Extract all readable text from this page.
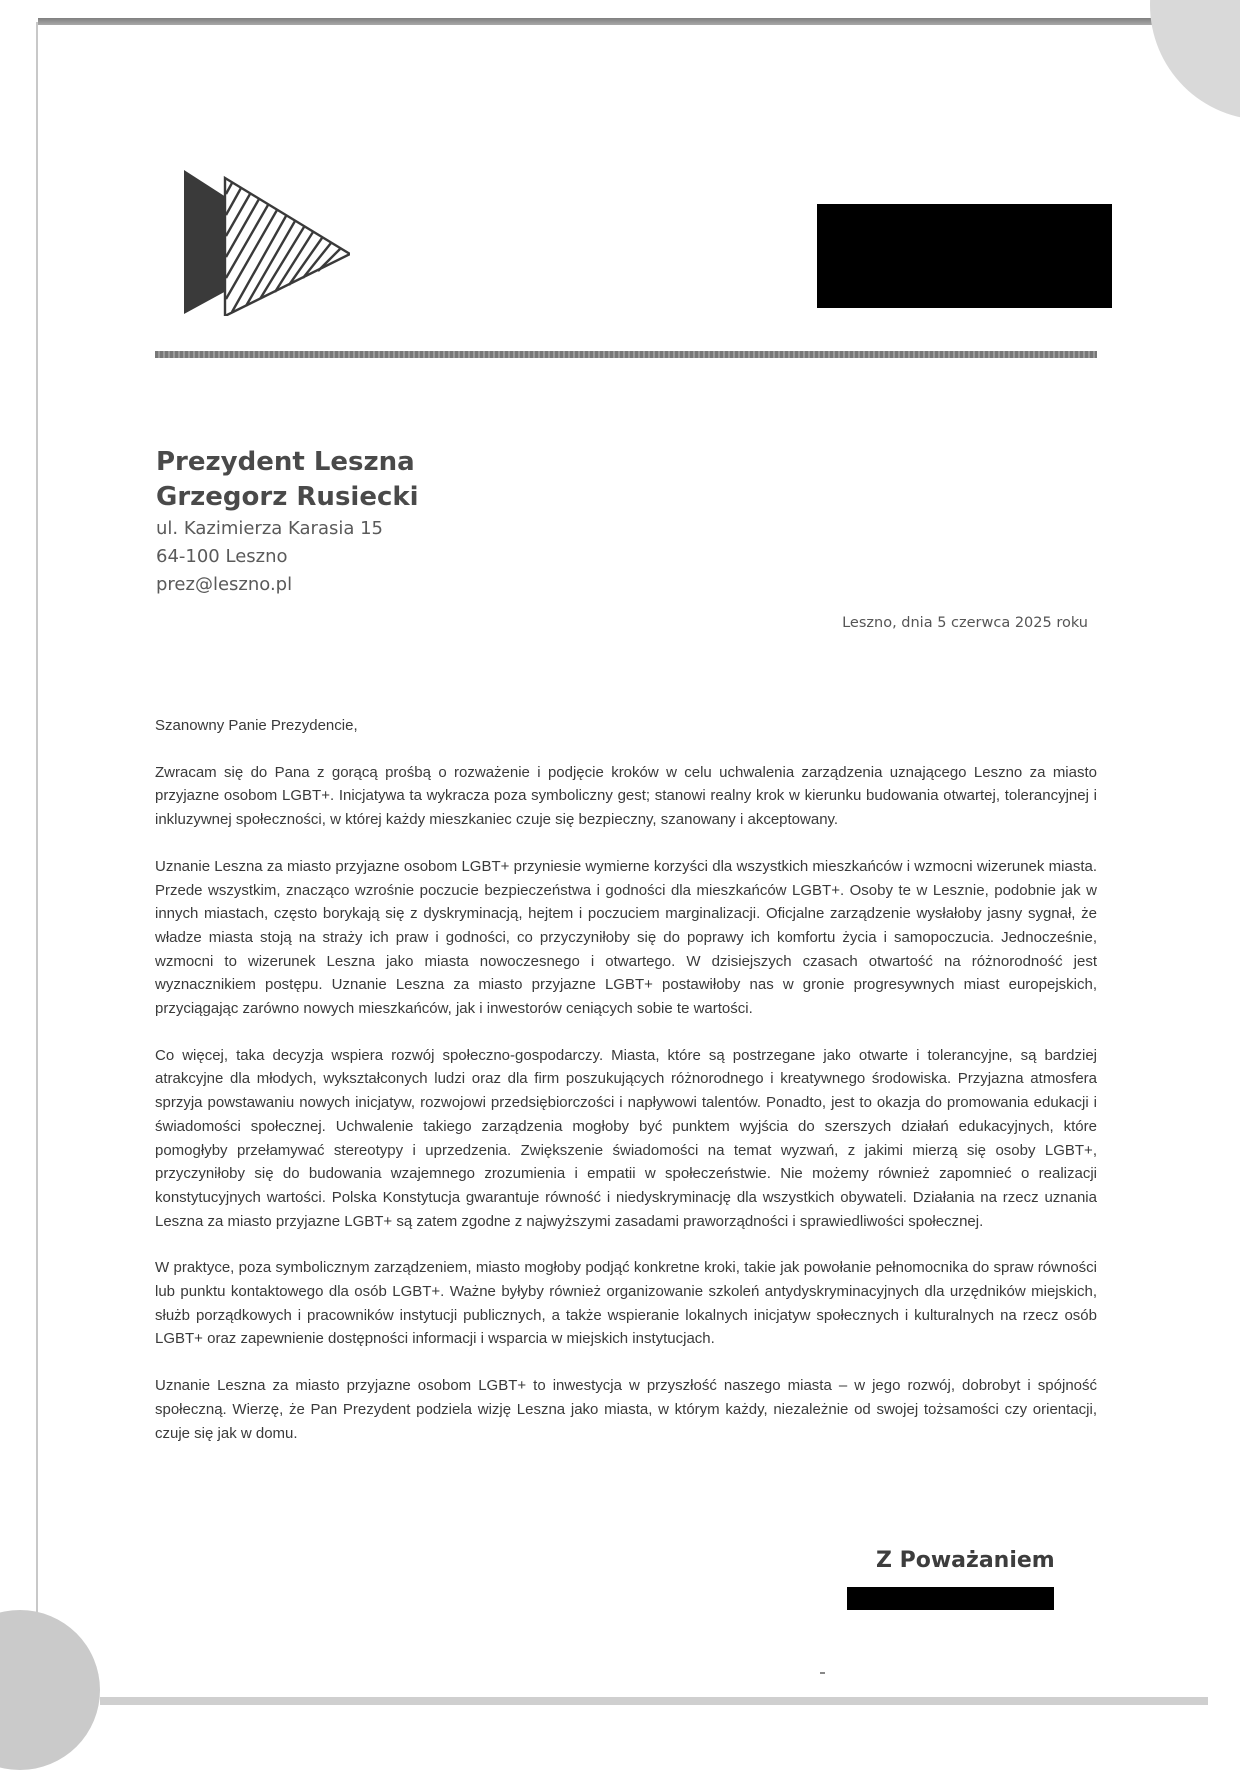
Prezydent Leszna

Grzegorz Rusiecki

ul. Kazimierza Karasia 15

64-100 Leszno

prez@leszno.pl

Leszno, dnia 5 czerwca 2025 roku

Szanowny Panie Prezydencie,

Zwracam się do Pana z gorącą prośbą o rozważenie i podjęcie kroków w celu uchwalenia zarządzenia uznającego Leszno za miasto przyjazne osobom LGBT+. Inicjatywa ta wykracza poza symboliczny gest; stanowi realny krok w kierunku budowania otwartej, tolerancyjnej i inkluzywnej społeczności, w której każdy mieszkaniec czuje się bezpieczny, szanowany i akceptowany.

Uznanie Leszna za miasto przyjazne osobom LGBT+ przyniesie wymierne korzyści dla wszystkich mieszkańców i wzmocni wizerunek miasta. Przede wszystkim, znacząco wzrośnie poczucie bezpieczeństwa i godności dla mieszkańców LGBT+. Osoby te w Lesznie, podobnie jak w innych miastach, często borykają się z dyskryminacją, hejtem i poczuciem marginalizacji. Oficjalne zarządzenie wysłałoby jasny sygnał, że władze miasta stoją na straży ich praw i godności, co przyczyniłoby się do poprawy ich komfortu życia i samopoczucia. Jednocześnie, wzmocni to wizerunek Leszna jako miasta nowoczesnego i otwartego. W dzisiejszych czasach otwartość na różnorodność jest wyznacznikiem postępu. Uznanie Leszna za miasto przyjazne LGBT+ postawiłoby nas w gronie progresywnych miast europejskich, przyciągając zarówno nowych mieszkańców, jak i inwestorów ceniących sobie te wartości.

Co więcej, taka decyzja wspiera rozwój społeczno-gospodarczy. Miasta, które są postrzegane jako otwarte i tolerancyjne, są bardziej atrakcyjne dla młodych, wykształconych ludzi oraz dla firm poszukujących różnorodnego i kreatywnego środowiska. Przyjazna atmosfera sprzyja powstawaniu nowych inicjatyw, rozwojowi przedsiębiorczości i napływowi talentów. Ponadto, jest to okazja do promowania edukacji i świadomości społecznej. Uchwalenie takiego zarządzenia mogłoby być punktem wyjścia do szerszych działań edukacyjnych, które pomogłyby przełamywać stereotypy i uprzedzenia. Zwiększenie świadomości na temat wyzwań, z jakimi mierzą się osoby LGBT+, przyczyniłoby się do budowania wzajemnego zrozumienia i empatii w społeczeństwie. Nie możemy również zapomnieć o realizacji konstytucyjnych wartości. Polska Konstytucja gwarantuje równość i niedyskryminację dla wszystkich obywateli. Działania na rzecz uznania Leszna za miasto przyjazne LGBT+ są zatem zgodne z najwyższymi zasadami praworządności i sprawiedliwości społecznej.

W praktyce, poza symbolicznym zarządzeniem, miasto mogłoby podjąć konkretne kroki, takie jak powołanie pełnomocnika do spraw równości lub punktu kontaktowego dla osób LGBT+. Ważne byłyby również organizowanie szkoleń antydyskryminacyjnych dla urzędników miejskich, służb porządkowych i pracowników instytucji publicznych, a także wspieranie lokalnych inicjatyw społecznych i kulturalnych na rzecz osób LGBT+ oraz zapewnienie dostępności informacji i wsparcia w miejskich instytucjach.

Uznanie Leszna za miasto przyjazne osobom LGBT+ to inwestycja w przyszłość naszego miasta – w jego rozwój, dobrobyt i spójność społeczną. Wierzę, że Pan Prezydent podziela wizję Leszna jako miasta, w którym każdy, niezależnie od swojej tożsamości czy orientacji, czuje się jak w domu.

Z Poważaniem
